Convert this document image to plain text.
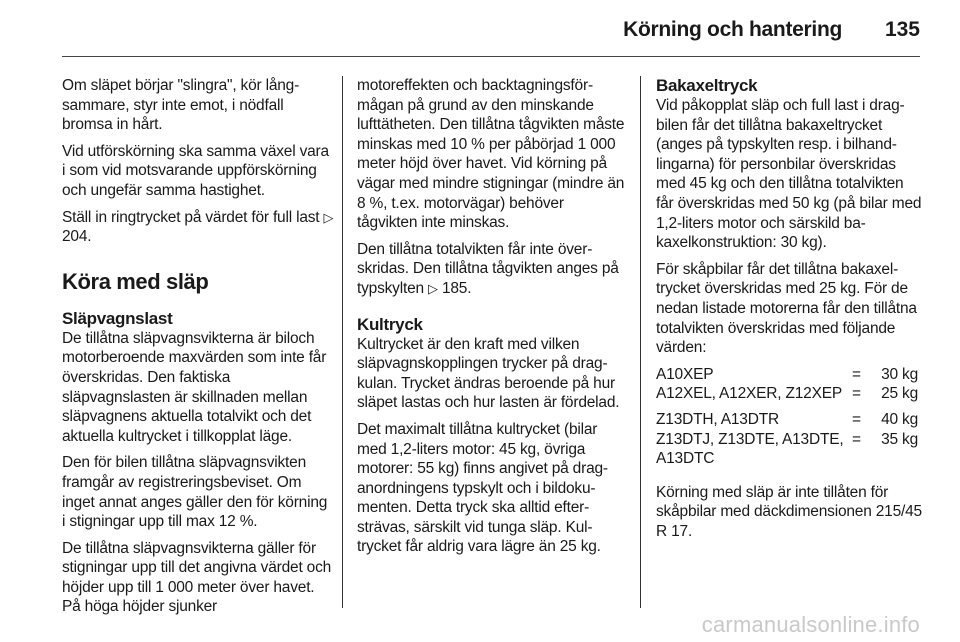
Körning och hantering 135

Om släpet börjar "slingra", kör långsammare, styr inte emot, i nödfall bromsa in hårt.

Vid utförskörning ska samma växel vara i som vid motsvarande uppförskörning och ungefär samma hastighet.

Ställ in ringtrycket på värdet för full last ▷ 204.

Köra med släp
Släpvagnslast

De tillåtna släpvagnsvikterna är biloch motorberoende maxvärden som inte får överskridas. Den faktiska släpvagnslasten är skillnaden mellan släpvagnens aktuella totalvikt och det aktuella kultrycket i tillkopplat läge.

Den för bilen tillåtna släpvagnsvikten framgår av registreringsbeviset. Om inget annat anges gäller den för körning i stigningar upp till max 12 %.

De tillåtna släpvagnsvikterna gäller för stigningar upp till det angivna värdet och höjder upp till 1 000 meter över havet. På höga höjder sjunker

motoreffekten och backtagningsförmågan på grund av den minskande lufttätheten. Den tillåtna tågvikten måste minskas med 10 % per påbörjad 1 000 meter höjd över havet. Vid körning på vägar med mindre stigningar (mindre än 8 %, t.ex. motorvägar) behöver tågvikten inte minskas.

Den tillåtna totalvikten får inte överskridas. Den tillåtna tågvikten anges på typskylten ▷ 185.

Kultryck

Kultrycket är den kraft med vilken släpvagnskopplingen trycker på dragkulan. Trycket ändras beroende på hur släpet lastas och hur lasten är fördelad.

Det maximalt tillåtna kultrycket (bilar med 1,2-liters motor: 45 kg, övriga motorer: 55 kg) finns angivet på draganordningens typskylt och i bildokumenten. Detta tryck ska alltid eftersträvas, särskilt vid tunga släp. Kultrycket får aldrig vara lägre än 25 kg.

Bakaxeltryck

Vid påkopplat släp och full last i dragbilen får det tillåtna bakaxeltrycket (anges på typskylten resp. i bilhandlingarna) för personbilar överskridas med 45 kg och den tillåtna totalvikten får överskridas med 50 kg (på bilar med 1,2-liters motor och särskild bakaxelkonstruktion: 30 kg).

För skåpbilar får det tillåtna bakaxeltrycket överskridas med 25 kg. För de nedan listade motorerna får den tillåtna totalvikten överskridas med följande värden:

A10XEP	=	30 kg
A12XEL, A12XER, Z12XEP	=	25 kg
Z13DTH, A13DTR	=	40 kg
Z13DTJ, Z13DTE, A13DTE, A13DTC	=	35 kg

Körning med släp är inte tillåten för skåpbilar med däckdimensionen 215/45 R 17.

carmanualsonline.info
